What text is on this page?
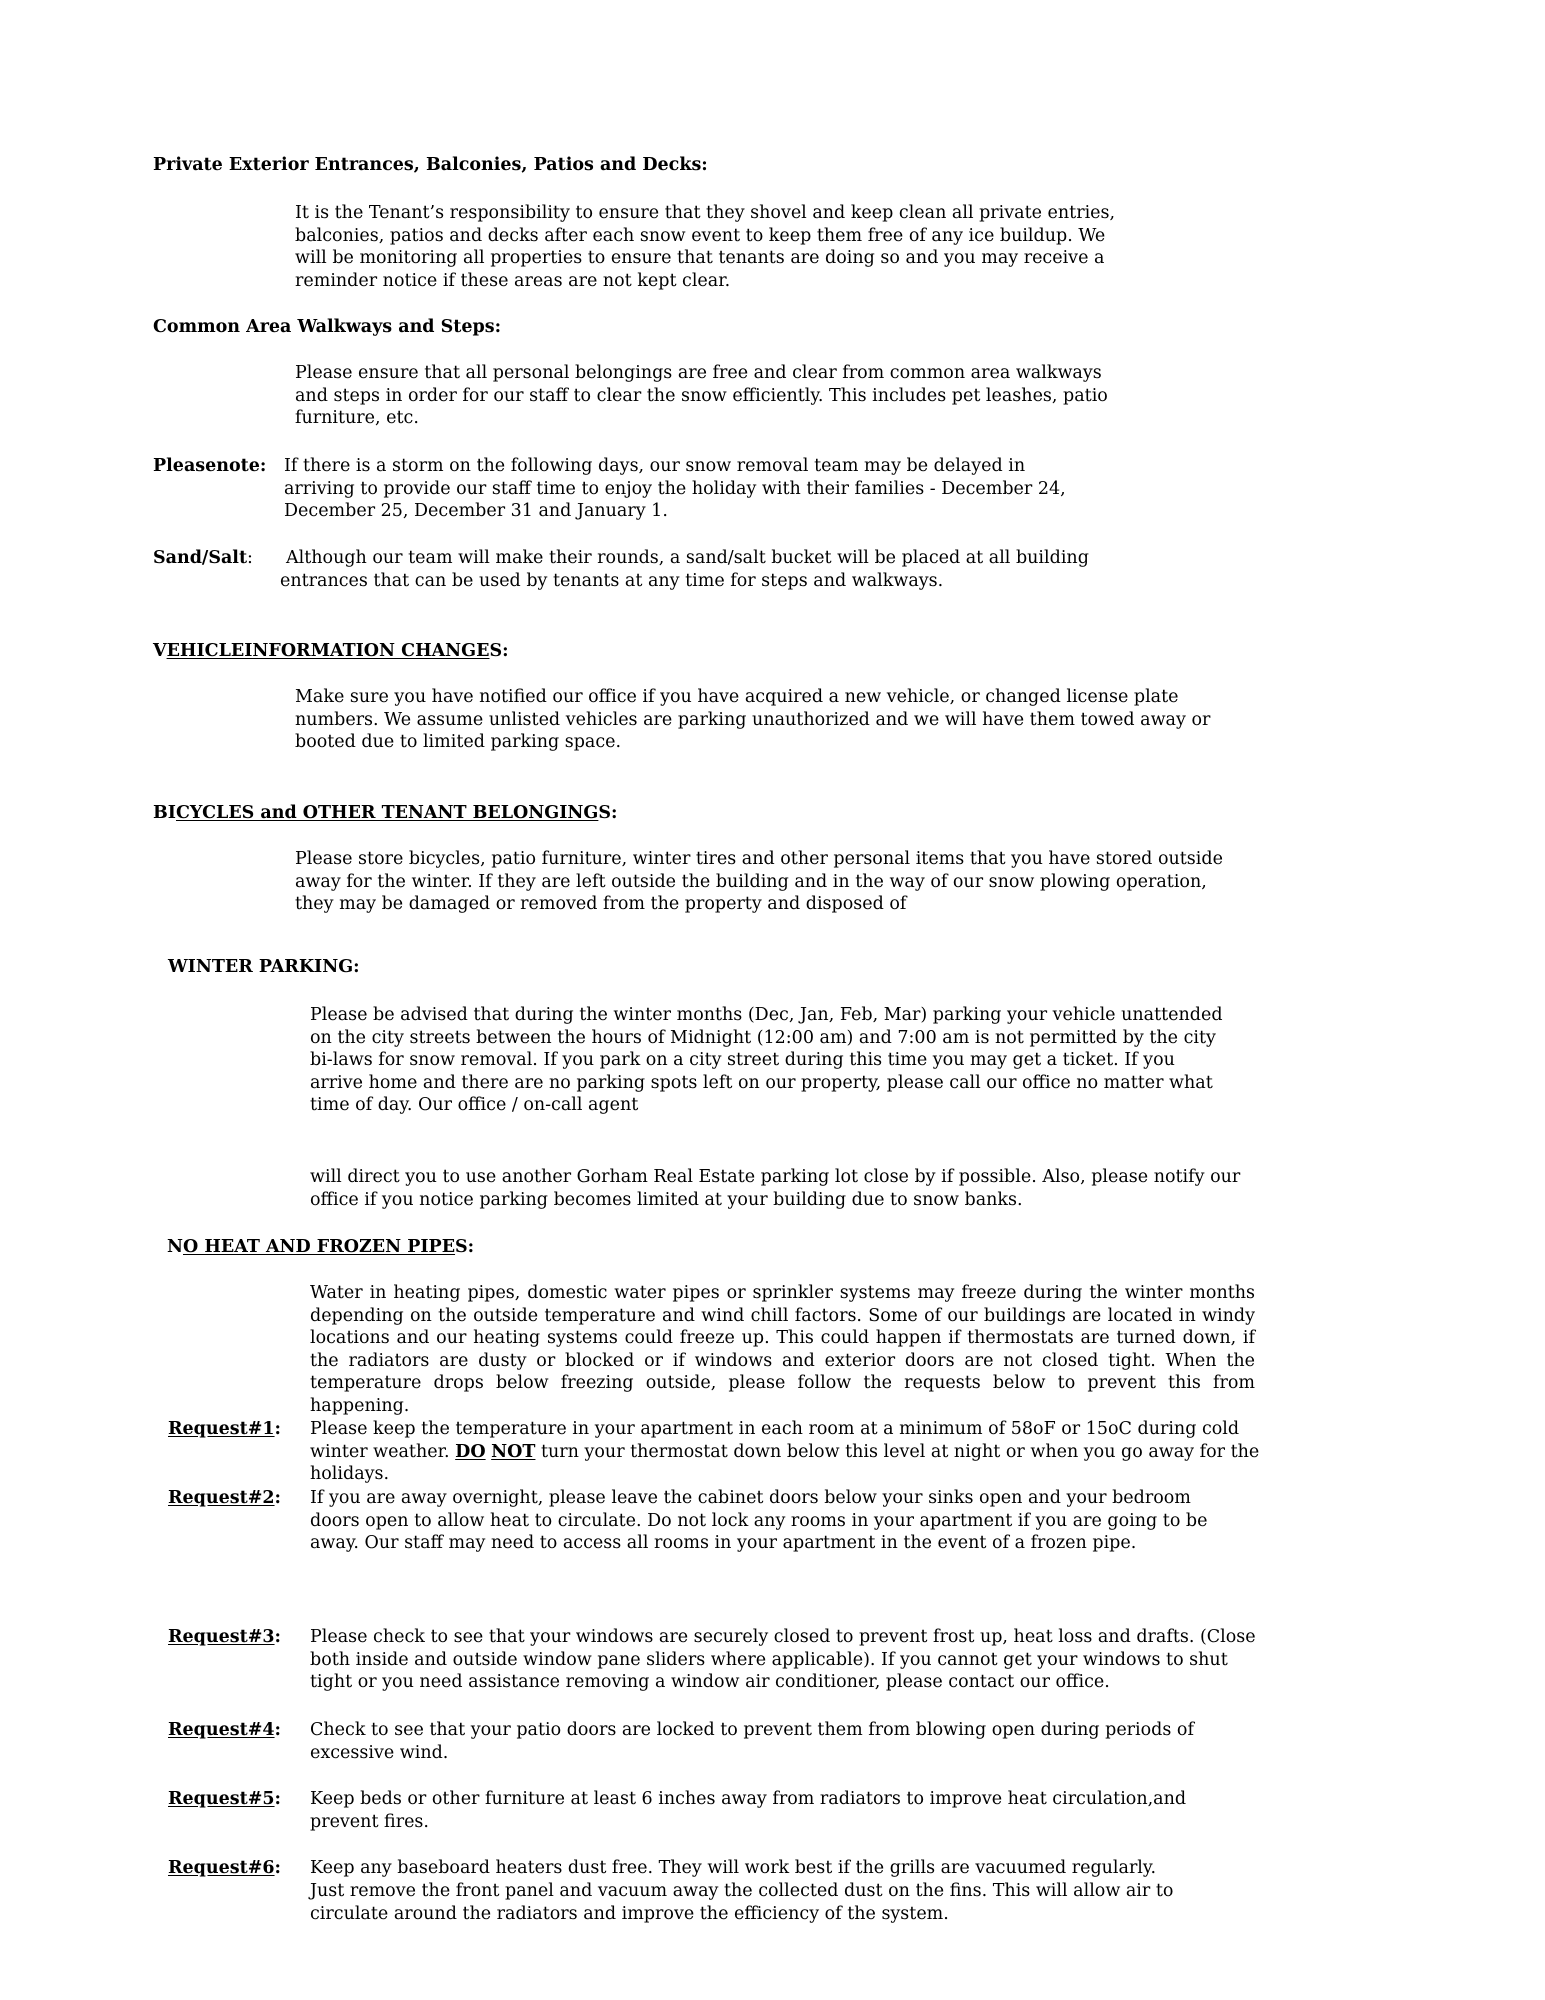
Private Exterior Entrances, Balconies, Patios and Decks:

It is the Tenant’s responsibility to ensure that they shovel and keep clean all private entries, balconies, patios and decks after each snow event to keep them free of any ice buildup. We will be monitoring all properties to ensure that tenants are doing so and you may receive a reminder notice if these areas are not kept clear.

Common Area Walkways and Steps:

Please ensure that all personal belongings are free and clear from common area walkways and steps in order for our staff to clear the snow efficiently. This includes pet leashes, patio furniture, etc.

Pleasenote: If there is a storm on the following days, our snow removal team may be delayed in arriving to provide our staff time to enjoy the holiday with their families - December 24, December 25, December 31 and January 1.

Sand/Salt: Although our team will make their rounds, a sand/salt bucket will be placed at all building

entrances that can be used by tenants at any time for steps and walkways.

VEHICLEINFORMATION CHANGES:

Make sure you have notified our office if you have acquired a new vehicle, or changed license plate numbers. We assume unlisted vehicles are parking unauthorized and we will have them towed away or booted due to limited parking space.

BICYCLES and OTHER TENANT BELONGINGS:

Please store bicycles, patio furniture, winter tires and other personal items that you have stored outside away for the winter. If they are left outside the building and in the way of our snow plowing operation, they may be damaged or removed from the property and disposed of

WINTER PARKING:

Please be advised that during the winter months (Dec, Jan, Feb, Mar) parking your vehicle unattended on the city streets between the hours of Midnight (12:00 am) and 7:00 am is not permitted by the city bi-laws for snow removal. If you park on a city street during this time you may get a ticket. If you arrive home and there are no parking spots left on our property, please call our office no matter what time of day. Our office / on-call agent

will direct you to use another Gorham Real Estate parking lot close by if possible. Also, please notify our office if you notice parking becomes limited at your building due to snow banks.

NO HEAT AND FROZEN PIPES:

Water in heating pipes, domestic water pipes or sprinkler systems may freeze during the winter months depending on the outside temperature and wind chill factors. Some of our buildings are located in windy locations and our heating systems could freeze up. This could happen if thermostats are turned down, if the radiators are dusty or blocked or if windows and exterior doors are not closed tight. When the temperature drops below freezing outside, please follow the requests below to prevent this from happening.

Request#1: Please keep the temperature in your apartment in each room at a minimum of 58oF or 15oC during cold winter weather. DO NOT turn your thermostat down below this level at night or when you go away for the holidays.

Request#2: If you are away overnight, please leave the cabinet doors below your sinks open and your bedroom doors open to allow heat to circulate. Do not lock any rooms in your apartment if you are going to be away. Our staff may need to access all rooms in your apartment in the event of a frozen pipe.

Request#3: Please check to see that your windows are securely closed to prevent frost up, heat loss and drafts. (Close both inside and outside window pane sliders where applicable). If you cannot get your windows to shut tight or you need assistance removing a window air conditioner, please contact our office.

Request#4: Check to see that your patio doors are locked to prevent them from blowing open during periods of excessive wind.

Request#5: Keep beds or other furniture at least 6 inches away from radiators to improve heat circulation,and prevent fires.

Request#6: Keep any baseboard heaters dust free. They will work best if the grills are vacuumed regularly.

Just remove the front panel and vacuum away the collected dust on the fins. This will allow air to circulate around the radiators and improve the efficiency of the system.
